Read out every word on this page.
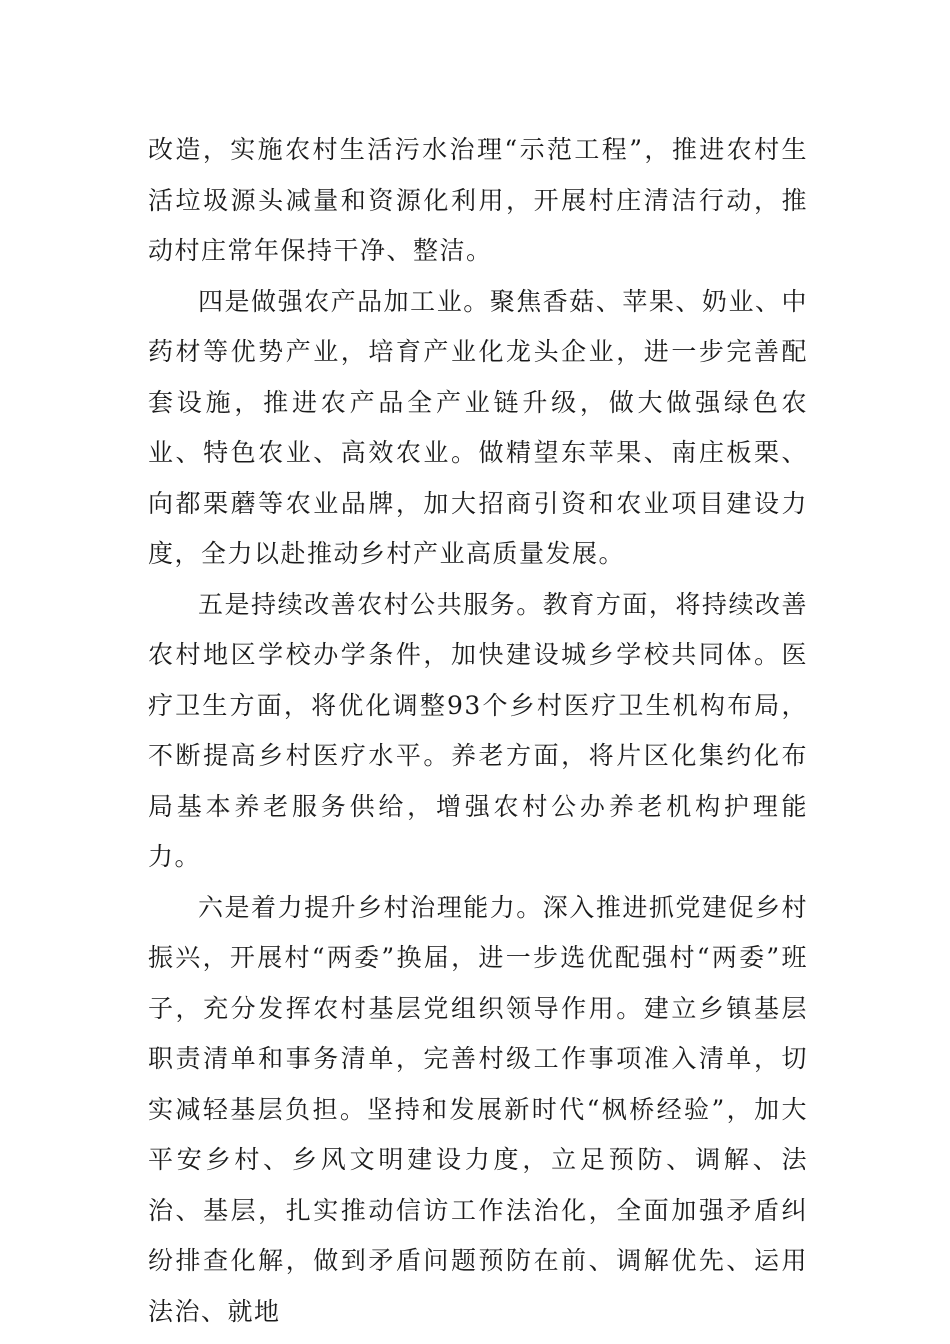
改造，实施农村生活污水治理“示范工程”，推进农村生活垃圾源头减量和资源化利用，开展村庄清洁行动，推动村庄常年保持干净、整洁。

四是做强农产品加工业。聚焦香菇、苹果、奶业、中药材等优势产业，培育产业化龙头企业，进一步完善配套设施，推进农产品全产业链升级，做大做强绿色农业、特色农业、高效农业。做精望东苹果、南庄板栗、向都栗蘑等农业品牌，加大招商引资和农业项目建设力度，全力以赴推动乡村产业高质量发展。

五是持续改善农村公共服务。教育方面，将持续改善农村地区学校办学条件，加快建设城乡学校共同体。医疗卫生方面，将优化调整93个乡村医疗卫生机构布局，不断提高乡村医疗水平。养老方面，将片区化集约化布局基本养老服务供给，增强农村公办养老机构护理能力。

六是着力提升乡村治理能力。深入推进抓党建促乡村振兴，开展村“两委”换届，进一步选优配强村“两委”班子，充分发挥农村基层党组织领导作用。建立乡镇基层职责清单和事务清单，完善村级工作事项准入清单，切实减轻基层负担。坚持和发展新时代“枫桥经验”，加大平安乡村、乡风文明建设力度，立足预防、调解、法治、基层，扎实推动信访工作法治化，全面加强矛盾纠纷排查化解，做到矛盾问题预防在前、调解优先、运用法治、就地
